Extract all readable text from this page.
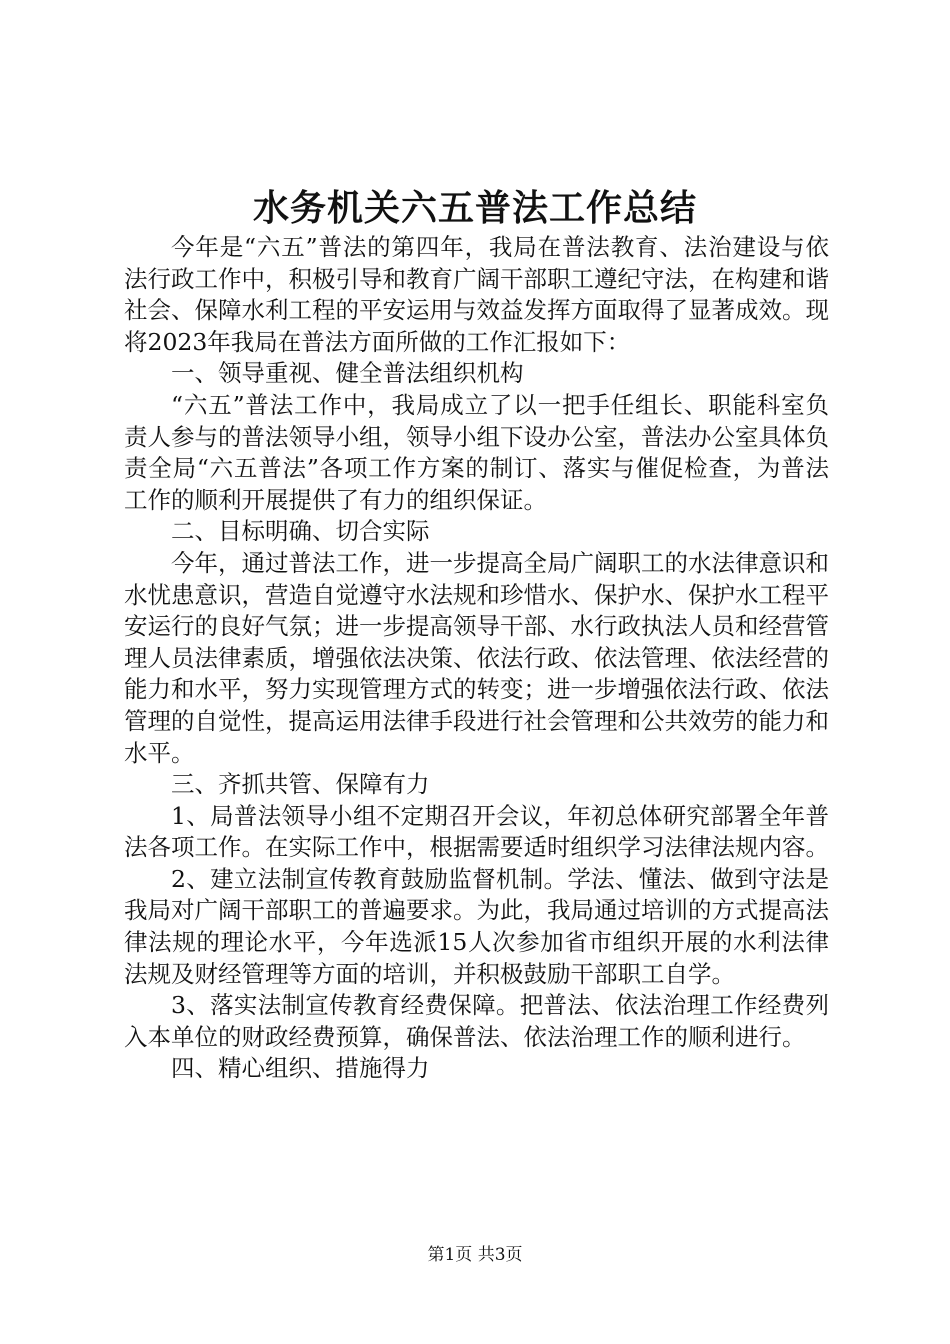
水务机关六五普法工作总结

今年是“六五”普法的第四年，我局在普法教育、法治建设与依法行政工作中，积极引导和教育广阔干部职工遵纪守法，在构建和谐社会、保障水利工程的平安运用与效益发挥方面取得了显著成效。现将2023年我局在普法方面所做的工作汇报如下：

一、领导重视、健全普法组织机构

“六五”普法工作中，我局成立了以一把手任组长、职能科室负责人参与的普法领导小组，领导小组下设办公室，普法办公室具体负责全局“六五普法”各项工作方案的制订、落实与催促检查，为普法工作的顺利开展提供了有力的组织保证。

二、目标明确、切合实际

今年，通过普法工作，进一步提高全局广阔职工的水法律意识和水忧患意识，营造自觉遵守水法规和珍惜水、保护水、保护水工程平安运行的良好气氛；进一步提高领导干部、水行政执法人员和经营管理人员法律素质，增强依法决策、依法行政、依法管理、依法经营的能力和水平，努力实现管理方式的转变；进一步增强依法行政、依法管理的自觉性，提高运用法律手段进行社会管理和公共效劳的能力和水平。

三、齐抓共管、保障有力

1、局普法领导小组不定期召开会议，年初总体研究部署全年普法各项工作。在实际工作中，根据需要适时组织学习法律法规内容。

2、建立法制宣传教育鼓励监督机制。学法、懂法、做到守法是我局对广阔干部职工的普遍要求。为此，我局通过培训的方式提高法律法规的理论水平，今年选派15人次参加省市组织开展的水利法律法规及财经管理等方面的培训，并积极鼓励干部职工自学。

3、落实法制宣传教育经费保障。把普法、依法治理工作经费列入本单位的财政经费预算，确保普法、依法治理工作的顺利进行。

四、精心组织、措施得力

第1页 共3页
